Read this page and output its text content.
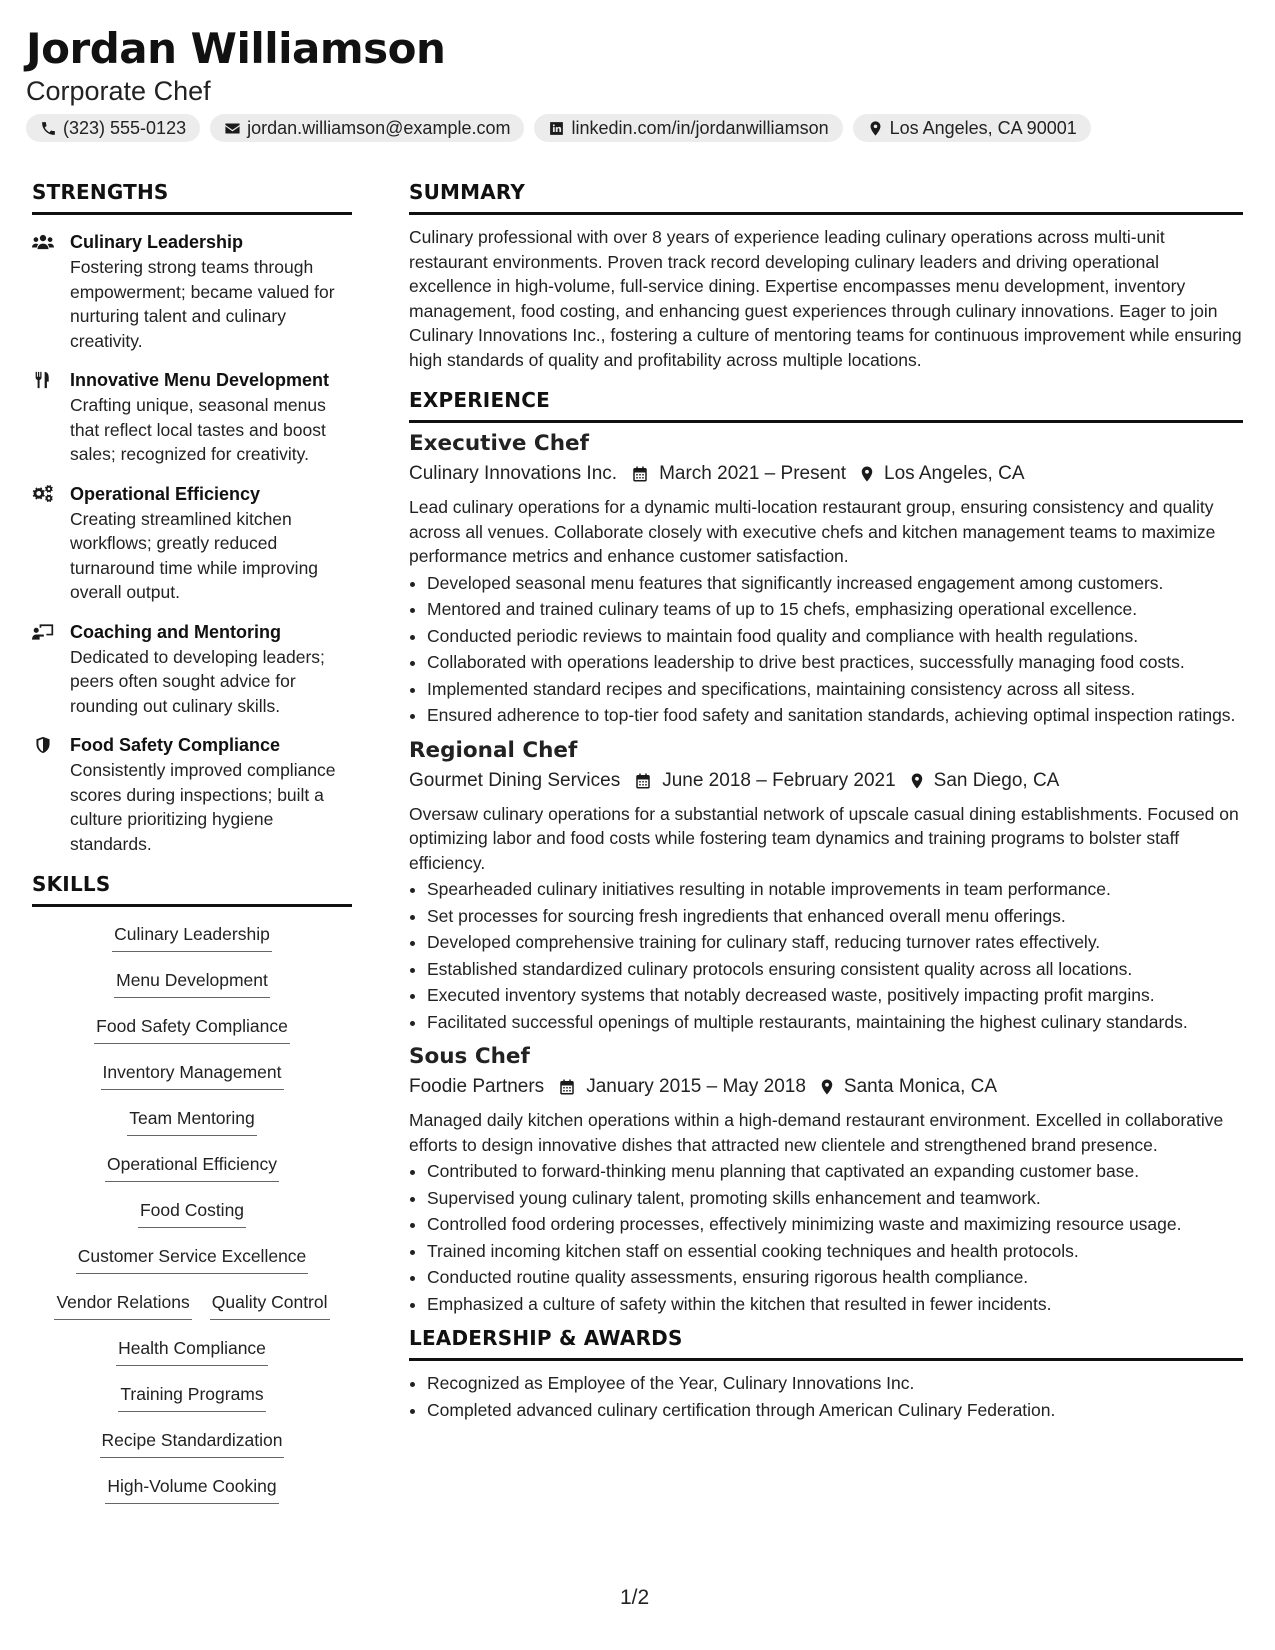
Jordan Williamson
Corporate Chef
(323) 555-0123	jordan.williamson@example.com	linkedin.com/in/jordanwilliamson	Los Angeles, CA 90001
STRENGTHS
Culinary Leadership
Fostering strong teams through empowerment; became valued for nurturing talent and culinary creativity.
Innovative Menu Development
Crafting unique, seasonal menus that reflect local tastes and boost sales; recognized for creativity.
Operational Efficiency
Creating streamlined kitchen workflows; greatly reduced turnaround time while improving overall output.
Coaching and Mentoring
Dedicated to developing leaders; peers often sought advice for rounding out culinary skills.
Food Safety Compliance
Consistently improved compliance scores during inspections; built a culture prioritizing hygiene standards.
SKILLS
Culinary Leadership
Menu Development
Food Safety Compliance
Inventory Management
Team Mentoring
Operational Efficiency
Food Costing
Customer Service Excellence
Vendor Relations Quality Control
Health Compliance
Training Programs
Recipe Standardization
High-Volume Cooking
SUMMARY
Culinary professional with over 8 years of experience leading culinary operations across multi-unit restaurant environments. Proven track record developing culinary leaders and driving operational excellence in high-volume, full-service dining. Expertise encompasses menu development, inventory management, food costing, and enhancing guest experiences through culinary innovations. Eager to join Culinary Innovations Inc., fostering a culture of mentoring teams for continuous improvement while ensuring high standards of quality and profitability across multiple locations.
EXPERIENCE
Executive Chef
Culinary Innovations Inc. March 2021 – Present Los Angeles, CA
Lead culinary operations for a dynamic multi-location restaurant group, ensuring consistency and quality across all venues. Collaborate closely with executive chefs and kitchen management teams to maximize performance metrics and enhance customer satisfaction.
• Developed seasonal menu features that significantly increased engagement among customers.
• Mentored and trained culinary teams of up to 15 chefs, emphasizing operational excellence.
• Conducted periodic reviews to maintain food quality and compliance with health regulations.
• Collaborated with operations leadership to drive best practices, successfully managing food costs.
• Implemented standard recipes and specifications, maintaining consistency across all sitess.
• Ensured adherence to top-tier food safety and sanitation standards, achieving optimal inspection ratings.
Regional Chef
Gourmet Dining Services June 2018 – February 2021 San Diego, CA
Oversaw culinary operations for a substantial network of upscale casual dining establishments. Focused on optimizing labor and food costs while fostering team dynamics and training programs to bolster staff efficiency.
• Spearheaded culinary initiatives resulting in notable improvements in team performance.
• Set processes for sourcing fresh ingredients that enhanced overall menu offerings.
• Developed comprehensive training for culinary staff, reducing turnover rates effectively.
• Established standardized culinary protocols ensuring consistent quality across all locations.
• Executed inventory systems that notably decreased waste, positively impacting profit margins.
• Facilitated successful openings of multiple restaurants, maintaining the highest culinary standards.
Sous Chef
Foodie Partners January 2015 – May 2018 Santa Monica, CA
Managed daily kitchen operations within a high-demand restaurant environment. Excelled in collaborative efforts to design innovative dishes that attracted new clientele and strengthened brand presence.
• Contributed to forward-thinking menu planning that captivated an expanding customer base.
• Supervised young culinary talent, promoting skills enhancement and teamwork.
• Controlled food ordering processes, effectively minimizing waste and maximizing resource usage.
• Trained incoming kitchen staff on essential cooking techniques and health protocols.
• Conducted routine quality assessments, ensuring rigorous health compliance.
• Emphasized a culture of safety within the kitchen that resulted in fewer incidents.
LEADERSHIP & AWARDS
• Recognized as Employee of the Year, Culinary Innovations Inc.
• Completed advanced culinary certification through American Culinary Federation.
1/2
